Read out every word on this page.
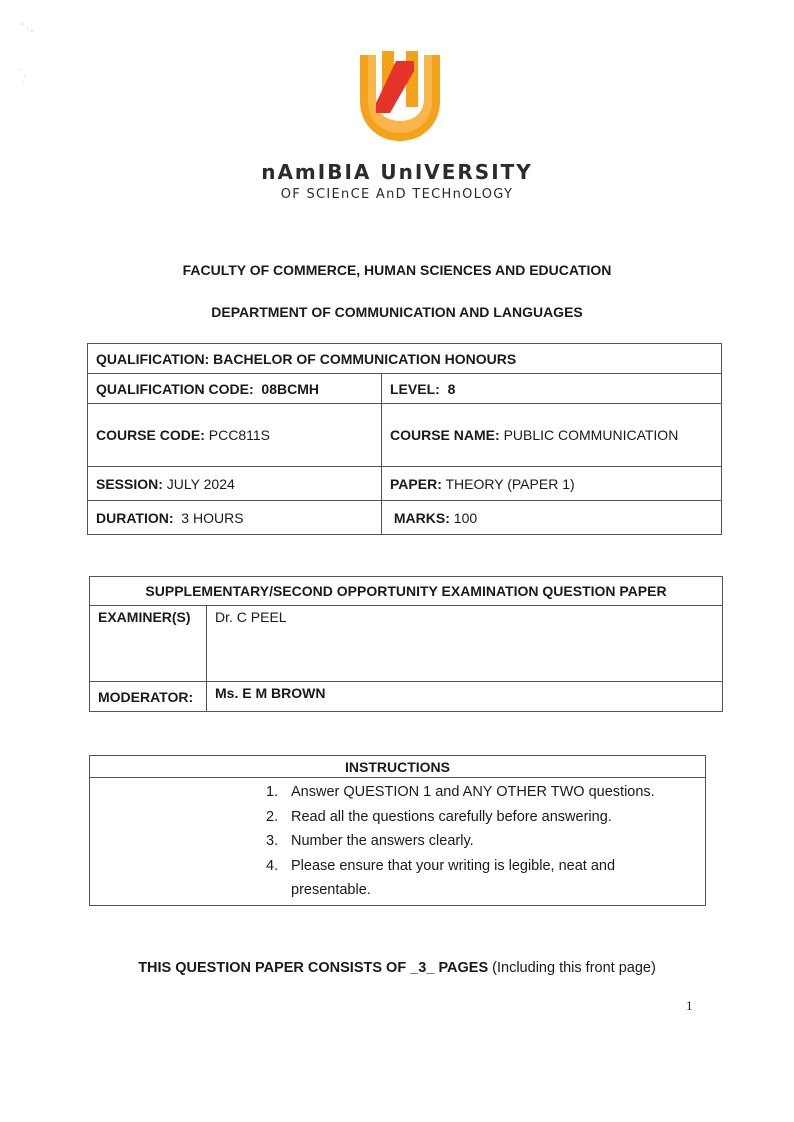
nAmIBIA UnIVERSITY
OF SCIEnCE AnD TECHnOLOGY
FACULTY OF COMMERCE, HUMAN SCIENCES AND EDUCATION
DEPARTMENT OF COMMUNICATION AND LANGUAGES
QUALIFICATION: BACHELOR OF COMMUNICATION HONOURS	
QUALIFICATION CODE: 08BCMH	LEVEL: 8
COURSE CODE: PCC811S	COURSE NAME: PUBLIC COMMUNICATION
SESSION: JULY 2024	PAPER: THEORY (PAPER 1)
DURATION: 3 HOURS	MARKS: 100
SUPPLEMENTARY/SECOND OPPORTUNITY EXAMINATION QUESTION PAPER	
EXAMINER(S)	Dr. C PEEL
MODERATOR:	Ms. E M BROWN
INSTRUCTIONS

1. Answer QUESTION 1 and ANY OTHER TWO questions.
2. Read all the questions carefully before answering.
3. Number the answers clearly.
4. Please ensure that your writing is legible, neat and presentable.
THIS QUESTION PAPER CONSISTS OF _3_ PAGES (Including this front page)
1
